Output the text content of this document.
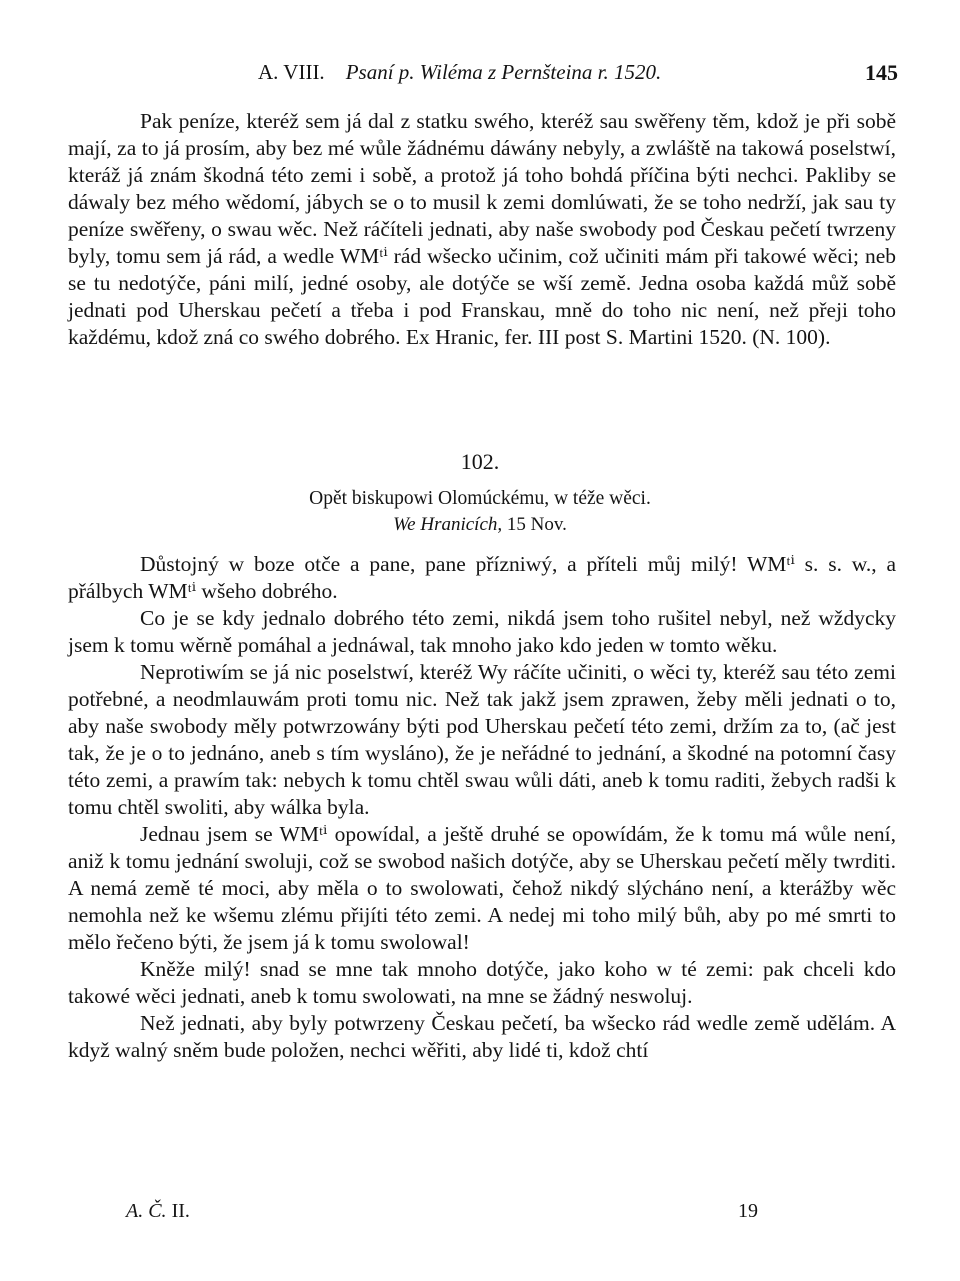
A. VIII. Psaní p. Wiléma z Pernšteina r. 1520.	145

Pak peníze, kteréž sem já dal z statku swého, kteréž sau swěřeny těm, kdož je při sobě mají, za to já prosím, aby bez mé wůle žádnému dáwány nebyly, a zwláště na takowá poselstwí, kteráž já znám škodná této zemi i sobě, a protož já toho bohdá příčina býti nechci. Pakliby se dáwaly bez mého wědomí, jábych se o to musil k zemi domlúwati, že se toho nedrží, jak sau ty peníze swěřeny, o swau wěc. Než ráčíteli jednati, aby naše swobody pod Českau pečetí twrzeny byly, tomu sem já rád, a wedle WMᵗⁱ rád wšecko učinim, což učiniti mám při takowé wěci; neb se tu nedotýče, páni milí, jedné osoby, ale dotýče se wší země. Jedna osoba každá můž sobě jednati pod Uherskau pečetí a třeba i pod Franskau, mně do toho nic není, než přeji toho každému, kdož zná co swého dobrého. Ex Hranic, fer. III post S. Martini 1520. (N. 100).

102.
Opět biskupowi Olomúckému, w téže wěci.
We Hranicích, 15 Nov.

Důstojný w boze otče a pane, pane přízniwý, a příteli můj milý! WMᵗⁱ s. s. w., a přálbych WMᵗⁱ wšeho dobrého.

Co je se kdy jednalo dobrého této zemi, nikdá jsem toho rušitel nebyl, než wždycky jsem k tomu wěrně pomáhal a jednáwal, tak mnoho jako kdo jeden w tomto wěku.

Neprotiwím se já nic poselstwí, kteréž Wy ráčíte učiniti, o wěci ty, kteréž sau této zemi potřebné, a neodmlauwám proti tomu nic. Než tak jakž jsem zprawen, žeby měli jednati o to, aby naše swobody měly potwrzowány býti pod Uherskau pečetí této zemi, držím za to, (ač jest tak, že je o to jednáno, aneb s tím wysláno), že je neřádné to jednání, a škodné na potomní časy této zemi, a prawím tak: nebych k tomu chtěl swau wůli dáti, aneb k tomu raditi, žebych radši k tomu chtěl swoliti, aby wálka byla.

Jednau jsem se WMᵗⁱ opowídal, a ještě druhé se opowídám, že k tomu má wůle není, aniž k tomu jednání swoluji, což se swobod našich dotýče, aby se Uherskau pečetí měly twrditi. A nemá země té moci, aby měla o to swolowati, čehož nikdý slýcháno není, a kterážby wěc nemohla než ke wšemu zlému přijíti této zemi. A nedej mi toho milý bůh, aby po mé smrti to mělo řečeno býti, že jsem já k tomu swolowal!

Kněže milý! snad se mne tak mnoho dotýče, jako koho w té zemi: pak chceli kdo takowé wěci jednati, aneb k tomu swolowati, na mne se žádný neswoluj.

Než jednati, aby byly potwrzeny Českau pečetí, ba wšecko rád wedle země udělám. A když walný sněm bude položen, nechci wěřiti, aby lidé ti, kdož chtí

A. Č. II.	19
